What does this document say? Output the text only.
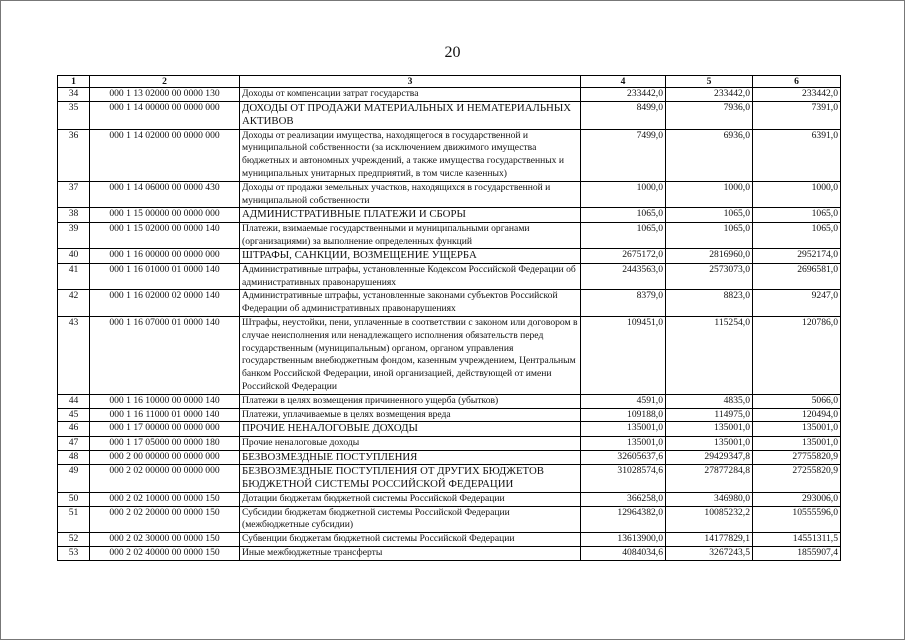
20
1	2	3	4	5	6
34	000 1 13 02000 00 0000 130	Доходы от компенсации затрат государства	233442,0	233442,0	233442,0
35	000 1 14 00000 00 0000 000	ДОХОДЫ ОТ ПРОДАЖИ МАТЕРИАЛЬНЫХ И НЕМАТЕРИАЛЬНЫХ АКТИВОВ	8499,0	7936,0	7391,0
36	000 1 14 02000 00 0000 000	Доходы от реализации имущества, находящегося в государственной и муниципальной собственности (за исключением движимого имущества бюджетных и автономных учреждений, а также имущества государственных и муниципальных унитарных предприятий, в том числе казенных)	7499,0	6936,0	6391,0
37	000 1 14 06000 00 0000 430	Доходы от продажи земельных участков, находящихся в государственной и муниципальной собственности	1000,0	1000,0	1000,0
38	000 1 15 00000 00 0000 000	АДМИНИСТРАТИВНЫЕ ПЛАТЕЖИ И СБОРЫ	1065,0	1065,0	1065,0
39	000 1 15 02000 00 0000 140	Платежи, взимаемые государственными и муниципальными органами (организациями) за выполнение определенных функций	1065,0	1065,0	1065,0
40	000 1 16 00000 00 0000 000	ШТРАФЫ, САНКЦИИ, ВОЗМЕЩЕНИЕ УЩЕРБА	2675172,0	2816960,0	2952174,0
41	000 1 16 01000 01 0000 140	Административные штрафы, установленные Кодексом Российской Федерации об административных правонарушениях	2443563,0	2573073,0	2696581,0
42	000 1 16 02000 02 0000 140	Административные штрафы, установленные законами субъектов Российской Федерации об административных правонарушениях	8379,0	8823,0	9247,0
43	000 1 16 07000 01 0000 140	Штрафы, неустойки, пени, уплаченные в соответствии с законом или договором в случае неисполнения или ненадлежащего исполнения обязательств перед государственным (муниципальным) органом, органом управления государственным внебюджетным фондом, казенным учреждением, Центральным банком Российской Федерации, иной организацией, действующей от имени Российской Федерации	109451,0	115254,0	120786,0
44	000 1 16 10000 00 0000 140	Платежи в целях возмещения причиненного ущерба (убытков)	4591,0	4835,0	5066,0
45	000 1 16 11000 01 0000 140	Платежи, уплачиваемые в целях возмещения вреда	109188,0	114975,0	120494,0
46	000 1 17 00000 00 0000 000	ПРОЧИЕ НЕНАЛОГОВЫЕ ДОХОДЫ	135001,0	135001,0	135001,0
47	000 1 17 05000 00 0000 180	Прочие неналоговые доходы	135001,0	135001,0	135001,0
48	000 2 00 00000 00 0000 000	БЕЗВОЗМЕЗДНЫЕ ПОСТУПЛЕНИЯ	32605637,6	29429347,8	27755820,9
49	000 2 02 00000 00 0000 000	БЕЗВОЗМЕЗДНЫЕ ПОСТУПЛЕНИЯ ОТ ДРУГИХ БЮДЖЕТОВ БЮДЖЕТНОЙ СИСТЕМЫ РОССИЙСКОЙ ФЕДЕРАЦИИ	31028574,6	27877284,8	27255820,9
50	000 2 02 10000 00 0000 150	Дотации бюджетам бюджетной системы Российской Федерации	366258,0	346980,0	293006,0
51	000 2 02 20000 00 0000 150	Субсидии бюджетам бюджетной системы Российской Федерации (межбюджетные субсидии)	12964382,0	10085232,2	10555596,0
52	000 2 02 30000 00 0000 150	Субвенции бюджетам бюджетной системы Российской Федерации	13613900,0	14177829,1	14551311,5
53	000 2 02 40000 00 0000 150	Иные межбюджетные трансферты	4084034,6	3267243,5	1855907,4
